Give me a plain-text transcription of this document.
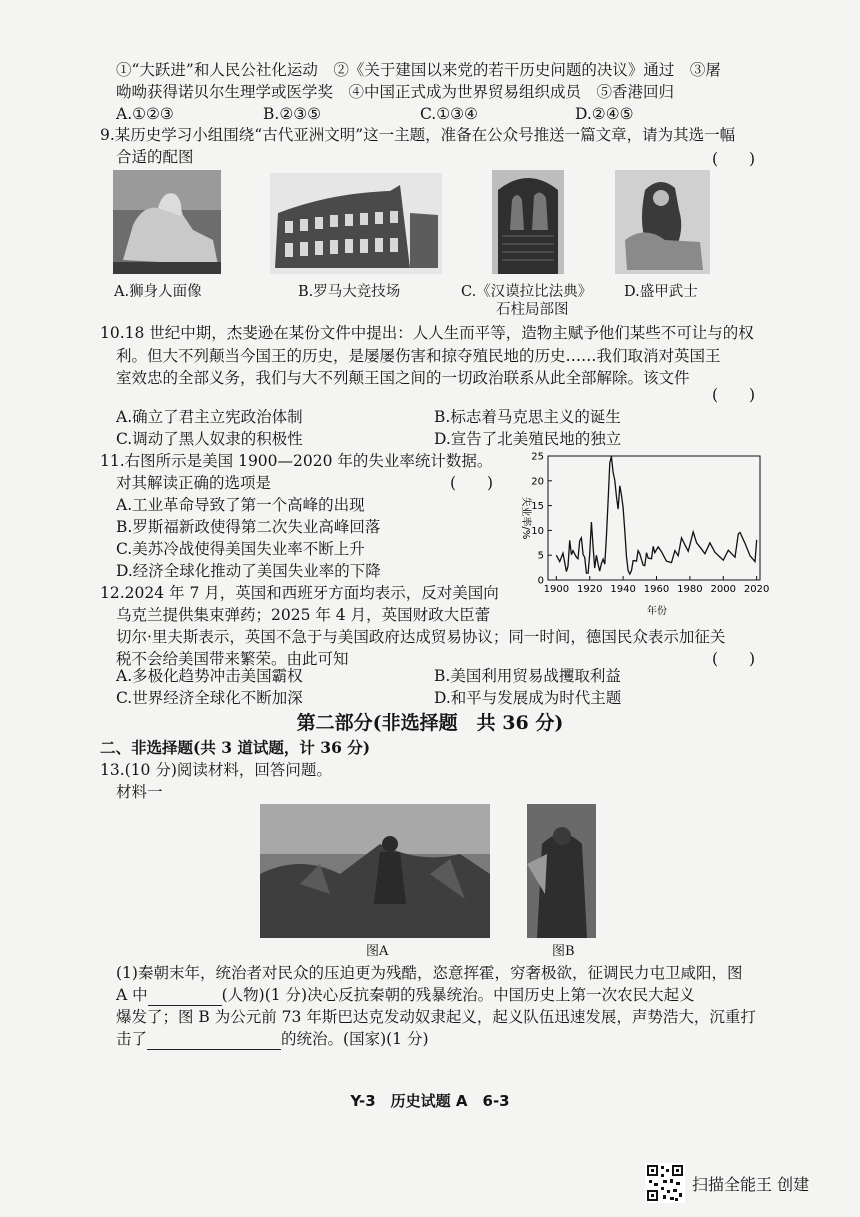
①“大跃进”和人民公社化运动　②《关于建国以来党的若干历史问题的决议》通过　③屠
呦呦获得诺贝尔生理学或医学奖　④中国正式成为世界贸易组织成员　⑤香港回归
A.①②③	B.②③⑤	C.①③④	D.②④⑤
9.某历史学习小组围绕“古代亚洲文明”这一主题，准备在公众号推送一篇文章，请为其选一幅
合适的配图	(　　)
A.狮身人面像	B.罗马大竞技场	C.《汉谟拉比法典》
石柱局部图
D.盛甲武士
10.18 世纪中期，杰斐逊在某份文件中提出：人人生而平等，造物主赋予他们某些不可让与的权
利。但大不列颠当今国王的历史，是屡屡伤害和掠夺殖民地的历史……我们取消对英国王
室效忠的全部义务，我们与大不列颠王国之间的一切政治联系从此全部解除。该文件
(　　)
A.确立了君主立宪政治体制	B.标志着马克思主义的诞生
C.调动了黑人奴隶的积极性	D.宣告了北美殖民地的独立
11.右图所示是美国 1900—2020 年的失业率统计数据。
对其解读正确的选项是	(　　)
A.工业革命导致了第一个高峰的出现
B.罗斯福新政使得第二次失业高峰回落
C.美苏冷战使得美国失业率不断上升
D.经济全球化推动了美国失业率的下降
0
5
10
15
20
25
1900 1920 1940 1960 1980 2000 2020
失业率/%
年份
12.2024 年 7 月，英国和西班牙方面均表示，反对美国向
乌克兰提供集束弹药；2025 年 4 月，英国财政大臣蕾
切尔·里夫斯表示，英国不急于与美国政府达成贸易协议；同一时间，德国民众表示加征关
税不会给美国带来繁荣。由此可知	(　　)
A.多极化趋势冲击美国霸权	B.美国利用贸易战攫取利益
C.世界经济全球化不断加深	D.和平与发展成为时代主题
第二部分(非选择题　共 36 分)
二、非选择题(共 3 道试题，计 36 分)
13.(10 分)阅读材料，回答问题。
材料一
图A	图B
(1)秦朝末年，统治者对民众的压迫更为残酷，恣意挥霍，穷奢极欲，征调民力屯卫咸阳，图
A 中	(人物)(1 分)决心反抗秦朝的残暴统治。中国历史上第一次农民大起义
爆发了；图 B 为公元前 73 年斯巴达克发动奴隶起义，起义队伍迅速发展，声势浩大，沉重打
击了	的统治。(国家)(1 分)
Y-3　历史试题 A　6-3
扫描全能王 创建
